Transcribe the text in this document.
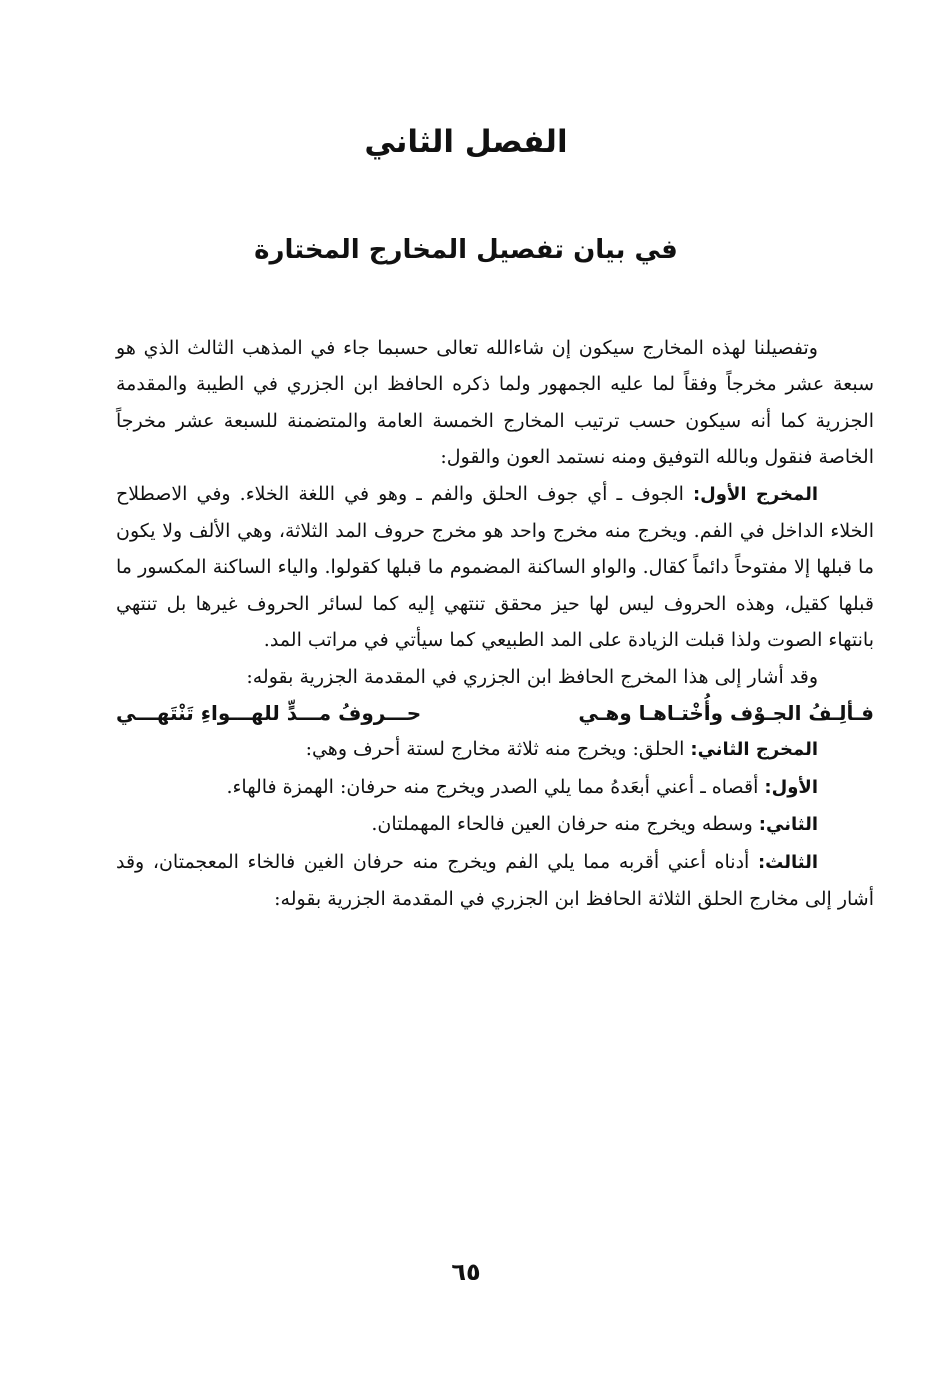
الفصل الثاني
في بيان تفصيل المخارج المختارة

وتفصيلنا لهذه المخارج سيكون إن شاءالله تعالى حسبما جاء في المذهب الثالث الذي هو سبعة عشر مخرجاً وفقاً لما عليه الجمهور ولما ذكره الحافظ ابن الجزري في الطيبة والمقدمة الجزرية كما أنه سيكون حسب ترتيب المخارج الخمسة العامة والمتضمنة للسبعة عشر مخرجاً الخاصة فنقول وبالله التوفيق ومنه نستمد العون والقول:

المخرج الأول: الجوف ـ أي جوف الحلق والفم ـ وهو في اللغة الخلاء. وفي الاصطلاح الخلاء الداخل في الفم. ويخرج منه مخرج واحد هو مخرج حروف المد الثلاثة، وهي الألف ولا يكون ما قبلها إلا مفتوحاً دائماً كقال. والواو الساكنة المضموم ما قبلها كقولوا. والياء الساكنة المكسور ما قبلها كقيل، وهذه الحروف ليس لها حيز محقق تنتهي إليه كما لسائر الحروف غيرها بل تنتهي بانتهاء الصوت ولذا قبلت الزيادة على المد الطبيعي كما سيأتي في مراتب المد.

وقد أشار إلى هذا المخرج الحافظ ابن الجزري في المقدمة الجزرية بقوله:

فـألِـفُ الجـوْف وأُخْتـاهـا وهـي
حـــروفُ مـــدٍّ للهـــواءِ تَنْتَهـــي

المخرج الثاني: الحلق: ويخرج منه ثلاثة مخارج لستة أحرف وهي:

الأول: أقصاه ـ أعني أبعَدهُ مما يلي الصدر ويخرج منه حرفان: الهمزة فالهاء.

الثاني: وسطه ويخرج منه حرفان العين فالحاء المهملتان.

الثالث: أدناه أعني أقربه مما يلي الفم ويخرج منه حرفان الغين فالخاء المعجمتان، وقد أشار إلى مخارج الحلق الثلاثة الحافظ ابن الجزري في المقدمة الجزرية بقوله:

٦٥
